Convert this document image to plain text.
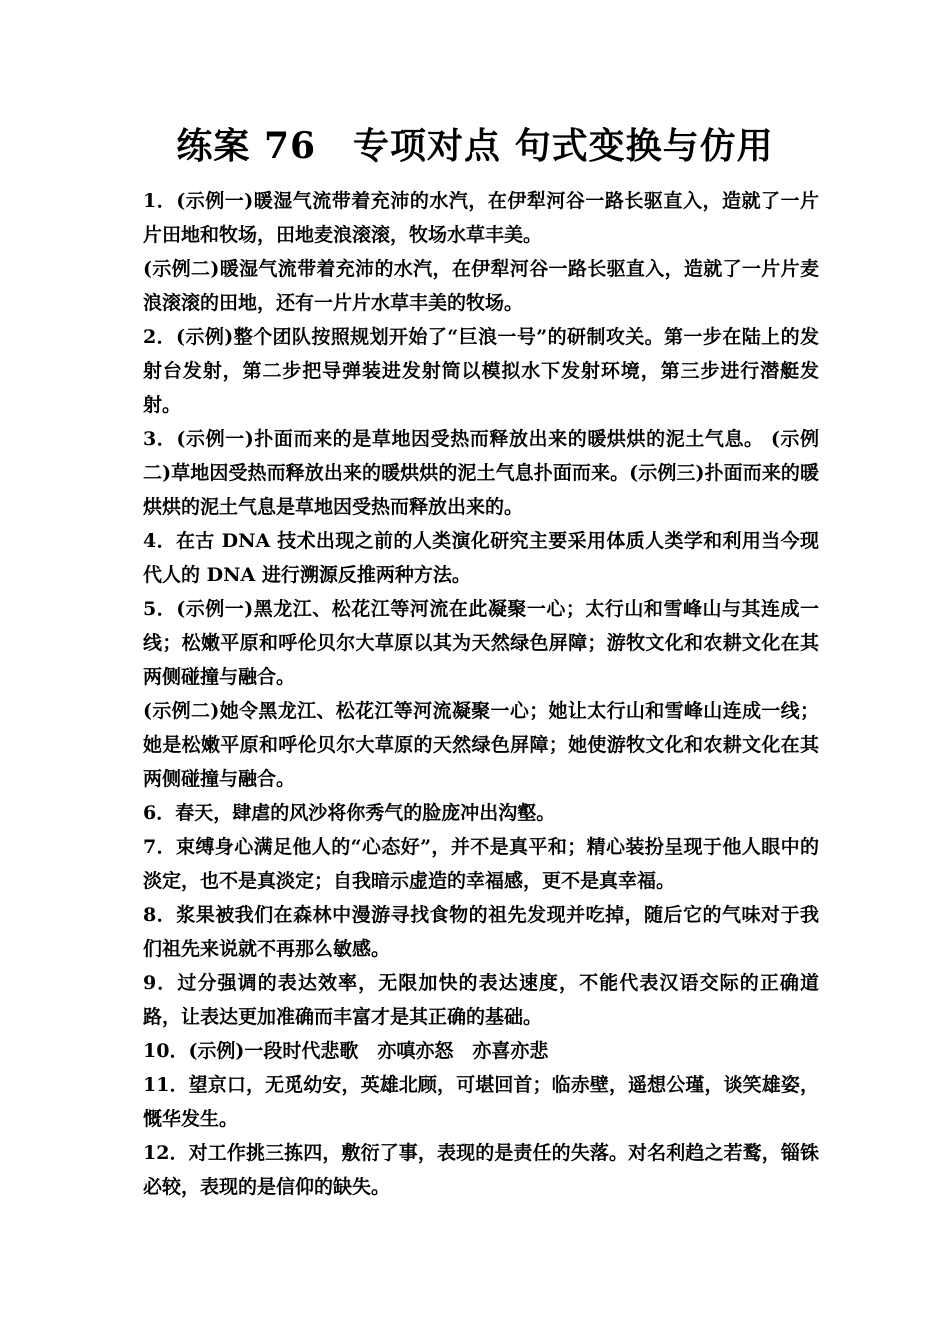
练案 76　专项对点 句式变换与仿用

1．(示例一)暖湿气流带着充沛的水汽，在伊犁河谷一路长驱直入，造就了一片片田地和牧场，田地麦浪滚滚，牧场水草丰美。

(示例二)暖湿气流带着充沛的水汽，在伊犁河谷一路长驱直入，造就了一片片麦浪滚滚的田地，还有一片片水草丰美的牧场。

2．(示例)整个团队按照规划开始了“巨浪一号”的研制攻关。第一步在陆上的发射台发射，第二步把导弹装进发射筒以模拟水下发射环境，第三步进行潜艇发射。

3．(示例一)扑面而来的是草地因受热而释放出来的暖烘烘的泥土气息。 (示例二)草地因受热而释放出来的暖烘烘的泥土气息扑面而来。(示例三)扑面而来的暖烘烘的泥土气息是草地因受热而释放出来的。

4．在古 DNA 技术出现之前的人类演化研究主要采用体质人类学和利用当今现代人的 DNA 进行溯源反推两种方法。

5．(示例一)黑龙江、松花江等河流在此凝聚一心；太行山和雪峰山与其连成一线；松嫩平原和呼伦贝尔大草原以其为天然绿色屏障；游牧文化和农耕文化在其两侧碰撞与融合。

(示例二)她令黑龙江、松花江等河流凝聚一心；她让太行山和雪峰山连成一线；她是松嫩平原和呼伦贝尔大草原的天然绿色屏障；她使游牧文化和农耕文化在其两侧碰撞与融合。

6．春天，肆虐的风沙将你秀气的脸庞冲出沟壑。

7．束缚身心满足他人的“心态好”，并不是真平和；精心装扮呈现于他人眼中的淡定，也不是真淡定；自我暗示虚造的幸福感，更不是真幸福。

8．浆果被我们在森林中漫游寻找食物的祖先发现并吃掉，随后它的气味对于我们祖先来说就不再那么敏感。

9．过分强调的表达效率，无限加快的表达速度，不能代表汉语交际的正确道路，让表达更加准确而丰富才是其正确的基础。

10．(示例)一段时代悲歌　亦嗔亦怒　亦喜亦悲

11．望京口，无觅幼安，英雄北顾，可堪回首；临赤壁，遥想公瑾，谈笑雄姿，慨华发生。

12．对工作挑三拣四，敷衍了事，表现的是责任的失落。对名利趋之若鹜，锱铢必较，表现的是信仰的缺失。
